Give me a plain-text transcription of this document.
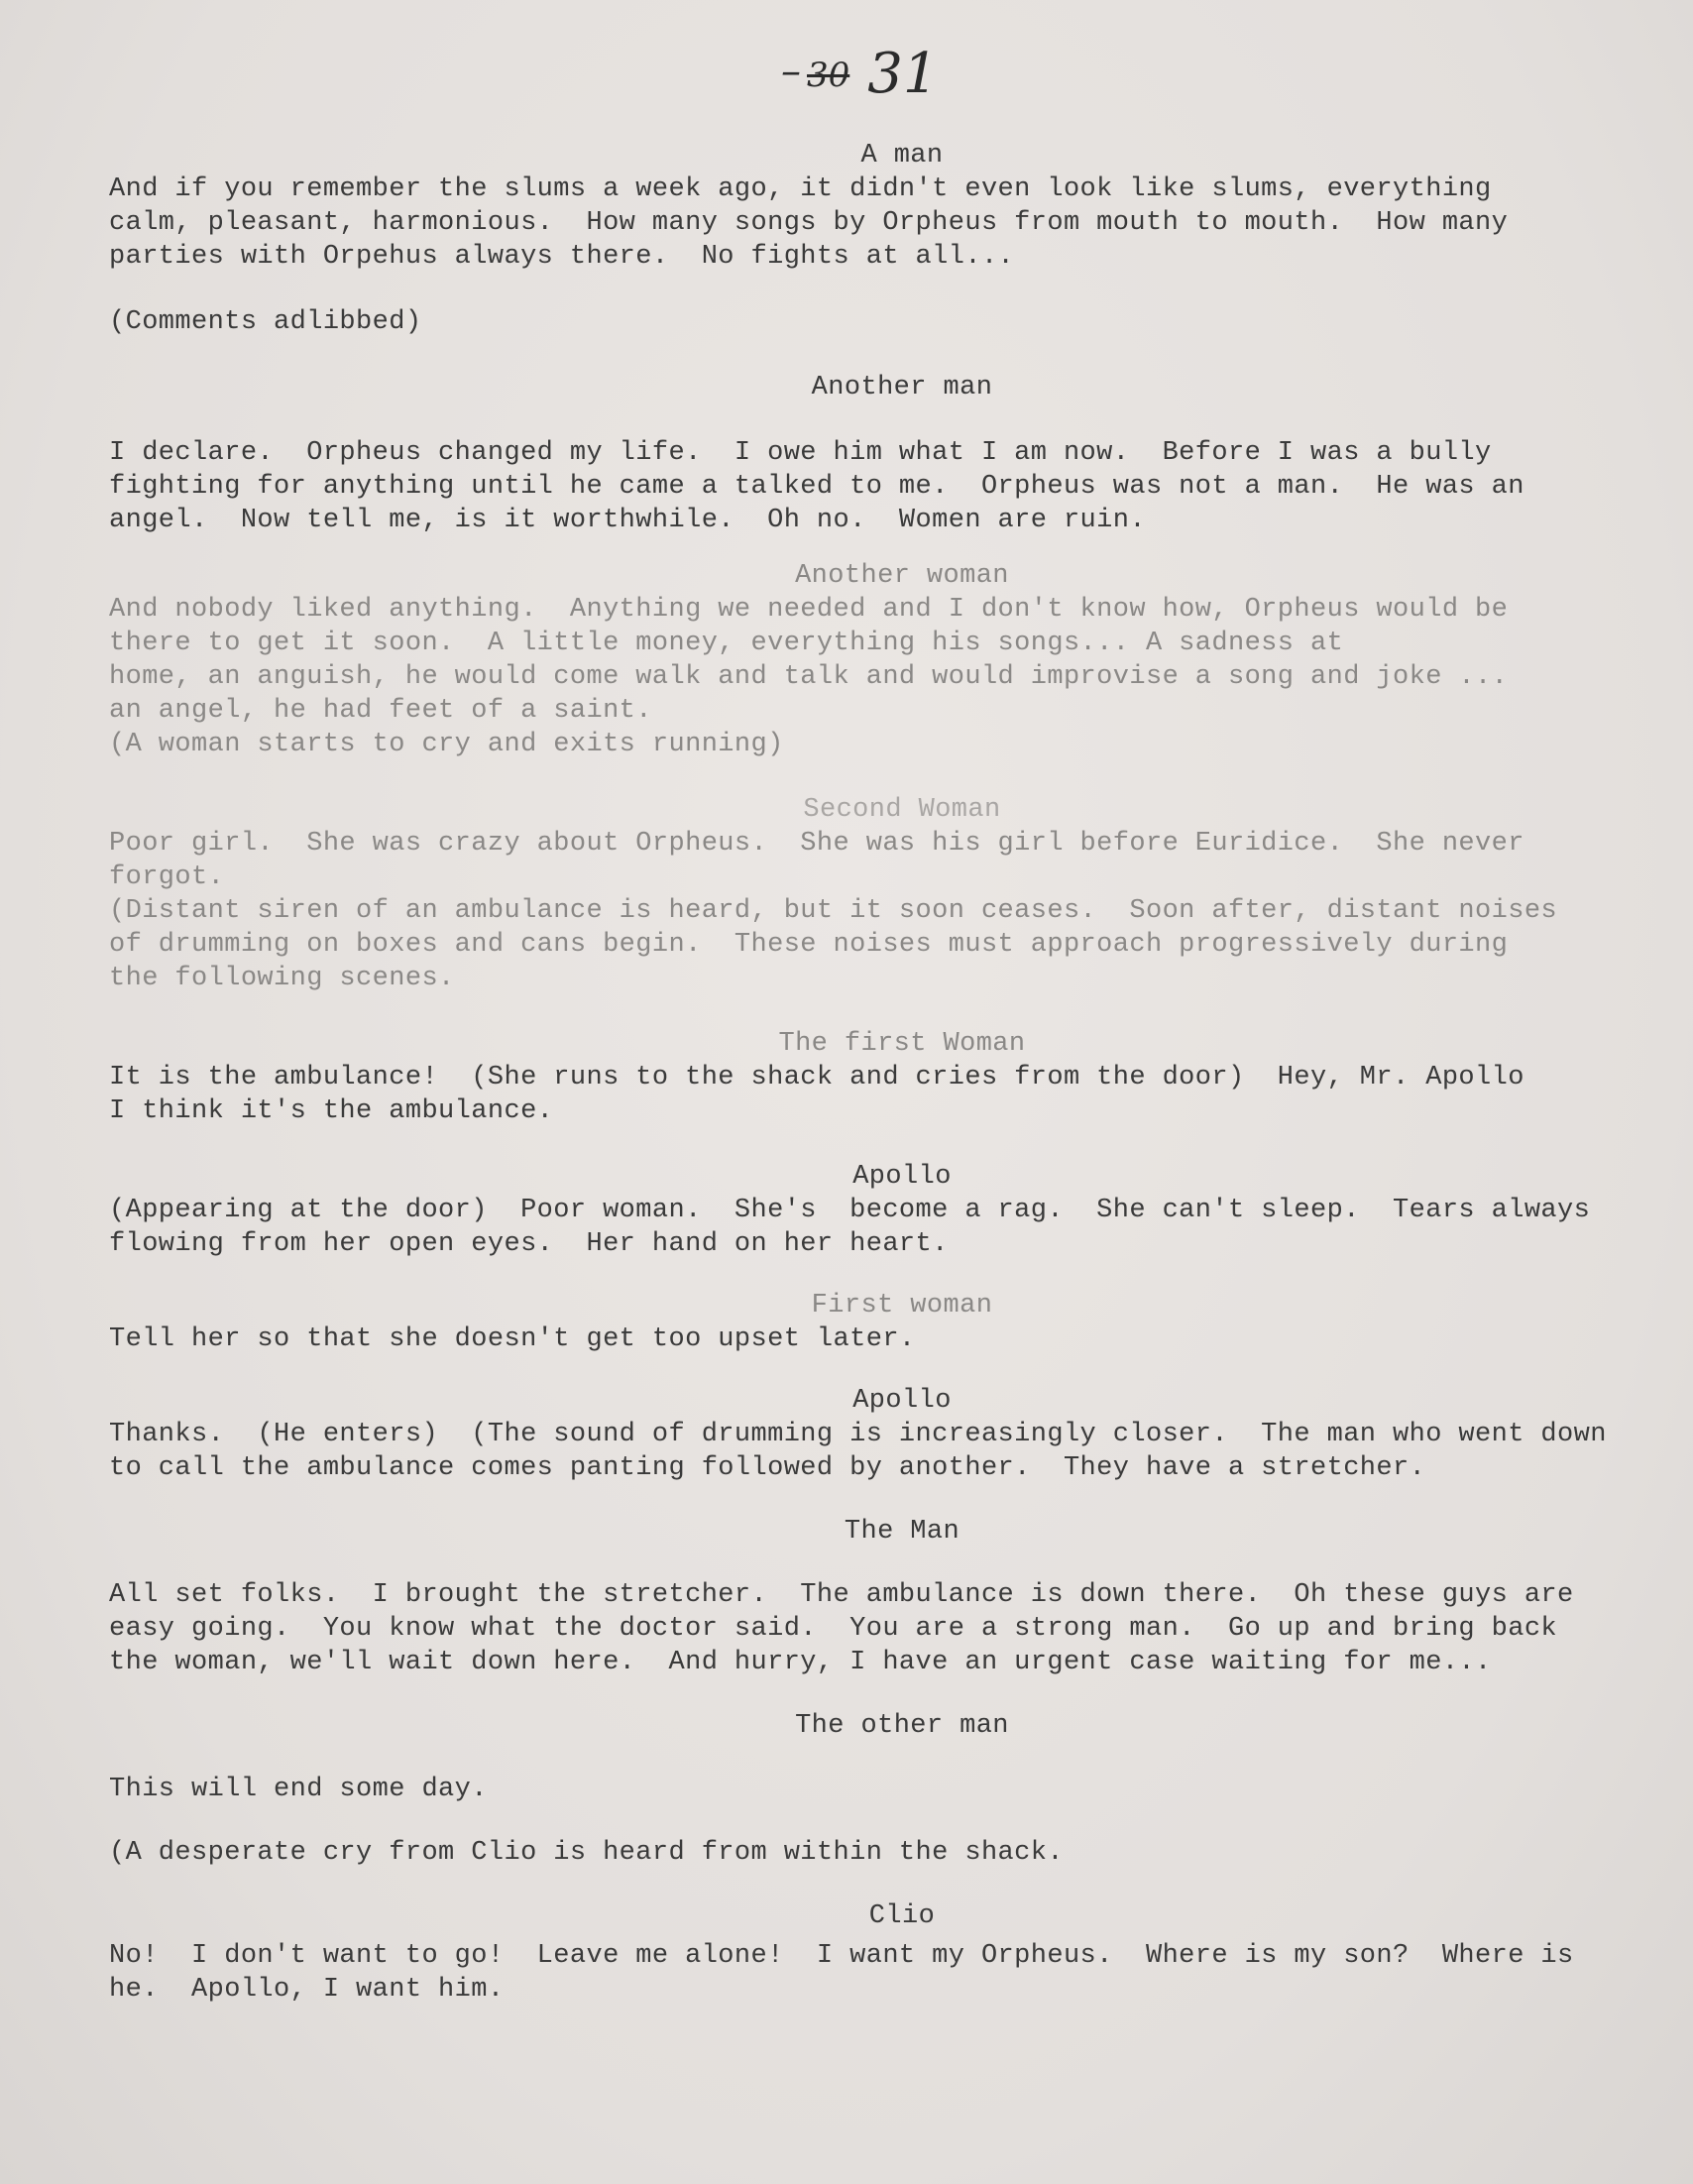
– 30 31

A man

And if you remember the slums a week ago, it didn't even look like slums, everything
calm, pleasant, harmonious.  How many songs by Orpheus from mouth to mouth.  How many
parties with Orpehus always there.  No fights at all...

(Comments adlibbed)

Another man

I declare.  Orpheus changed my life.  I owe him what I am now.  Before I was a bully
fighting for anything until he came a talked to me.  Orpheus was not a man.  He was an
angel.  Now tell me, is it worthwhile.  Oh no.  Women are ruin.

Another woman

And nobody liked anything.  Anything we needed and I don't know how, Orpheus would be
there to get it soon.  A little money, everything his songs... A sadness at
home, an anguish, he would come walk and talk and would improvise a song and joke ...
an angel, he had feet of a saint.
(A woman starts to cry and exits running)

Second Woman

Poor girl.  She was crazy about Orpheus.  She was his girl before Euridice.  She never
forgot.
(Distant siren of an ambulance is heard, but it soon ceases.  Soon after, distant noises
of drumming on boxes and cans begin.  These noises must approach progressively during
the following scenes.

The first Woman

It is the ambulance!  (She runs to the shack and cries from the door)  Hey, Mr. Apollo
I think it's the ambulance.

Apollo

(Appearing at the door)  Poor woman.  She's  become a rag.  She can't sleep.  Tears always
flowing from her open eyes.  Her hand on her heart.

First woman

Tell her so that she doesn't get too upset later.

Apollo

Thanks.  (He enters)  (The sound of drumming is increasingly closer.  The man who went down
to call the ambulance comes panting followed by another.  They have a stretcher.

The Man

All set folks.  I brought the stretcher.  The ambulance is down there.  Oh these guys are
easy going.  You know what the doctor said.  You are a strong man.  Go up and bring back
the woman, we'll wait down here.  And hurry, I have an urgent case waiting for me...

The other man

This will end some day.

(A desperate cry from Clio is heard from within the shack.

Clio

No!  I don't want to go!  Leave me alone!  I want my Orpheus.  Where is my son?  Where is
he.  Apollo, I want him.
